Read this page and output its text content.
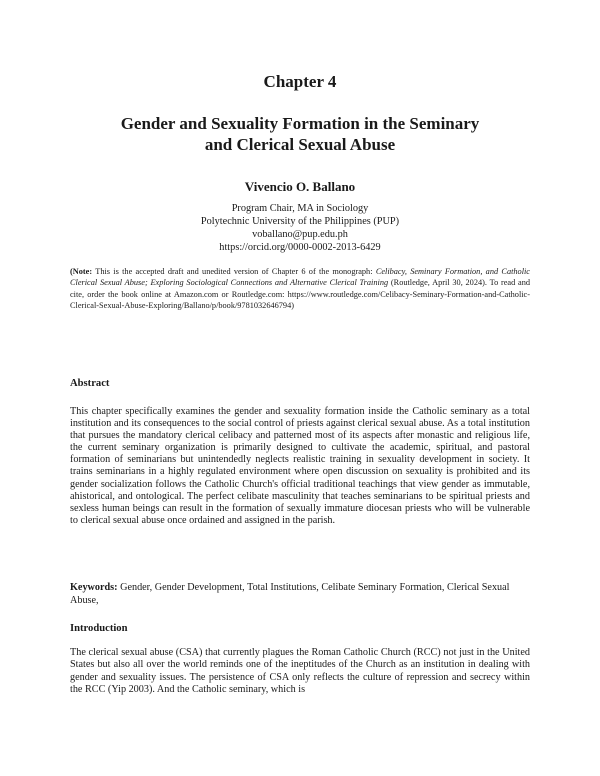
Chapter 4
Gender and Sexuality Formation in the Seminary
and Clerical Sexual Abuse
Vivencio O. Ballano
Program Chair, MA in Sociology
Polytechnic University of the Philippines (PUP)
voballano@pup.edu.ph
https://orcid.org/0000-0002-2013-6429
(Note: This is the accepted draft and unedited version of Chapter 6 of the monograph: Celibacy, Seminary Formation, and Catholic Clerical Sexual Abuse; Exploring Sociological Connections and Alternative Clerical Training (Routledge, April 30, 2024). To read and cite, order the book online at Amazon.com or Routledge.com: https://www.routledge.com/Celibacy-Seminary-Formation-and-Catholic-Clerical-Sexual-Abuse-Exploring/Ballano/p/book/9781032646794)
Abstract
This chapter specifically examines the gender and sexuality formation inside the Catholic seminary as a total institution and its consequences to the social control of priests against clerical sexual abuse. As a total institution that pursues the mandatory clerical celibacy and patterned most of its aspects after monastic and religious life, the current seminary organization is primarily designed to cultivate the academic, spiritual, and pastoral formation of seminarians but unintendedly neglects realistic training in sexuality development in society. It trains seminarians in a highly regulated environment where open discussion on sexuality is prohibited and its gender socialization follows the Catholic Church's official traditional teachings that view gender as immutable, ahistorical, and ontological. The perfect celibate masculinity that teaches seminarians to be spiritual priests and sexless human beings can result in the formation of sexually immature diocesan priests who will be vulnerable to clerical sexual abuse once ordained and assigned in the parish.
Keywords: Gender, Gender Development, Total Institutions, Celibate Seminary Formation, Clerical Sexual Abuse,
Introduction
The clerical sexual abuse (CSA) that currently plagues the Roman Catholic Church (RCC) not just in the United States but also all over the world reminds one of the ineptitudes of the Church as an institution in dealing with gender and sexuality issues. The persistence of CSA only reflects the culture of repression and secrecy within the RCC (Yip 2003). And the Catholic seminary, which is
